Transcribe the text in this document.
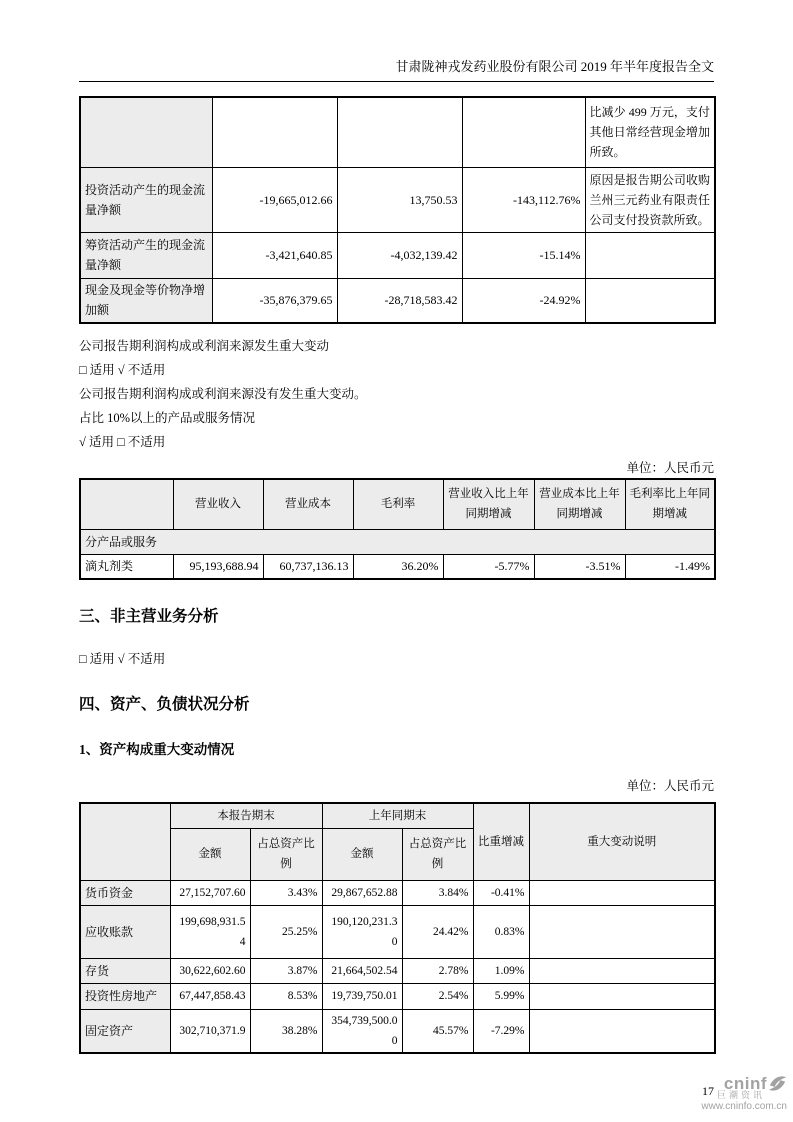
甘肃陇神戎发药业股份有限公司 2019 年半年度报告全文
				比减少 499 万元，支付其他日常经营现金增加所致。
投资活动产生的现金流量净额	-19,665,012.66	13,750.53	-143,112.76%	原因是报告期公司收购兰州三元药业有限责任公司支付投资款所致。
筹资活动产生的现金流量净额	-3,421,640.85	-4,032,139.42	-15.14%	
现金及现金等价物净增加额	-35,876,379.65	-28,718,583.42	-24.92%	

公司报告期利润构成或利润来源发生重大变动

□ 适用 √ 不适用

公司报告期利润构成或利润来源没有发生重大变动。

占比 10%以上的产品或服务情况

√ 适用 □ 不适用

单位：人民币元

	营业收入	营业成本	毛利率	营业收入比上年同期增减	营业成本比上年同期增减	毛利率比上年同期增减
分产品或服务						
滴丸剂类	95,193,688.94	60,737,136.13	36.20%	-5.77%	-3.51%	-1.49%
三、非主营业务分析

□ 适用 √ 不适用

四、资产、负债状况分析
1、资产构成重大变动情况

单位：人民币元

	本报告期末		上年同期末		比重增减	重大变动说明
	金额	占总资产比例	金额	占总资产比例		
货币资金	27,152,707.60	3.43%	29,867,652.88	3.84%	-0.41%	
应收账款	199,698,931.54	25.25%	190,120,231.30	24.42%	0.83%	
存货	30,622,602.60	3.87%	21,664,502.54	2.78%	1.09%	
投资性房地产	67,447,858.43	8.53%	19,739,750.01	2.54%	5.99%	
固定资产	302,710,371.9	38.28%	354,739,500.00	45.57%	-7.29%	
17 cninf
巨潮资讯
www.cninfo.com.cn
